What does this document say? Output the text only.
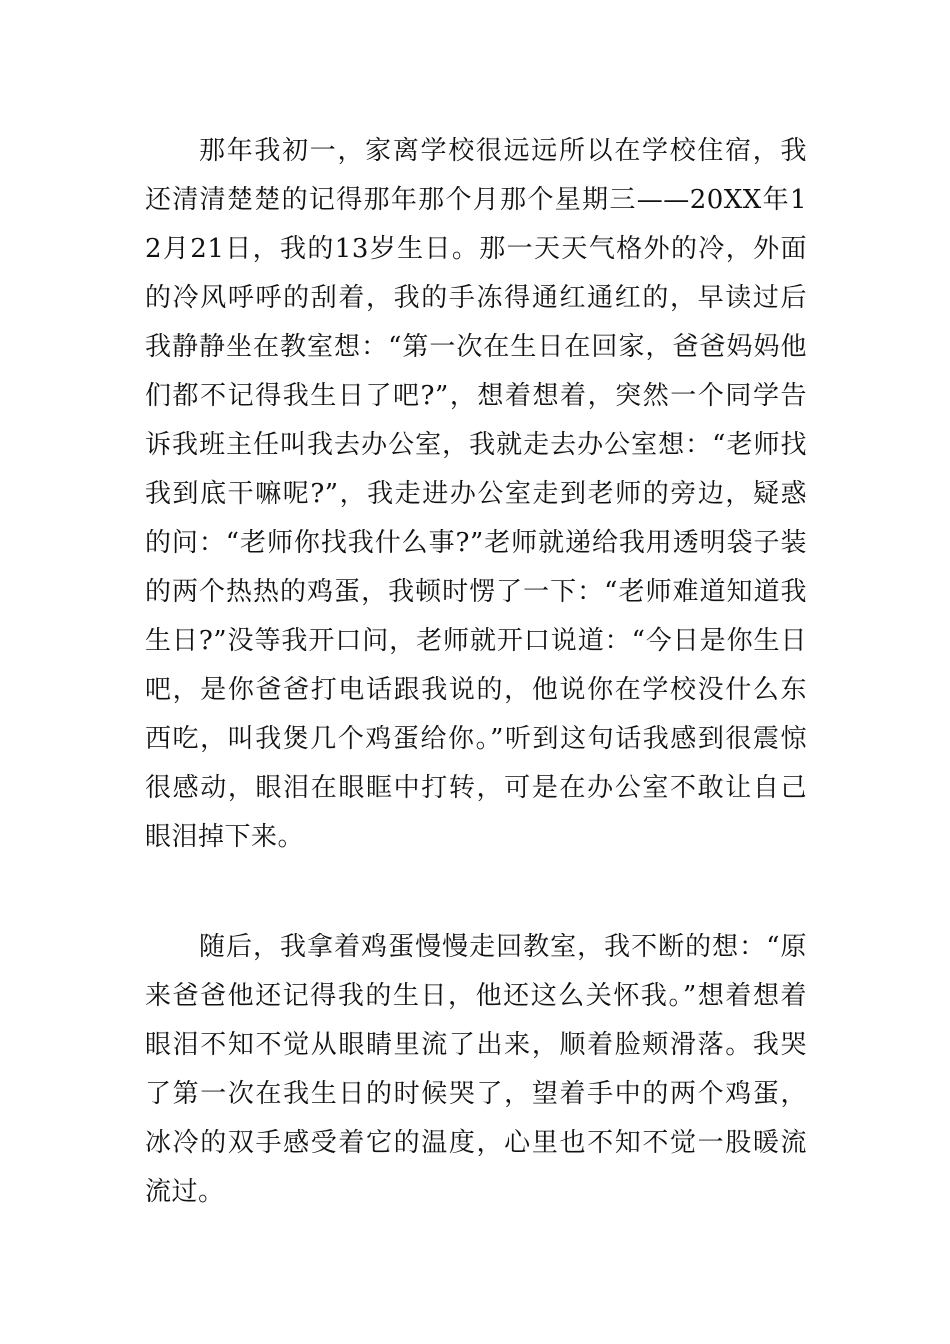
那年我初一，家离学校很远远所以在学校住宿，我还清清楚楚的记得那年那个月那个星期三——20XX年12月21日，我的13岁生日。那一天天气格外的冷，外面的冷风呼呼的刮着，我的手冻得通红通红的，早读过后我静静坐在教室想：“第一次在生日在回家，爸爸妈妈他们都不记得我生日了吧?”，想着想着，突然一个同学告诉我班主任叫我去办公室，我就走去办公室想：“老师找我到底干嘛呢?”，我走进办公室走到老师的旁边，疑惑的问：“老师你找我什么事?”老师就递给我用透明袋子装的两个热热的鸡蛋，我顿时愣了一下：“老师难道知道我生日?”没等我开口问，老师就开口说道：“今日是你生日吧，是你爸爸打电话跟我说的，他说你在学校没什么东西吃，叫我煲几个鸡蛋给你。”听到这句话我感到很震惊很感动，眼泪在眼眶中打转，可是在办公室不敢让自己眼泪掉下来。

随后，我拿着鸡蛋慢慢走回教室，我不断的想：“原来爸爸他还记得我的生日，他还这么关怀我。”想着想着眼泪不知不觉从眼睛里流了出来，顺着脸颊滑落。我哭了第一次在我生日的时候哭了，望着手中的两个鸡蛋，冰冷的双手感受着它的温度，心里也不知不觉一股暖流流过。
